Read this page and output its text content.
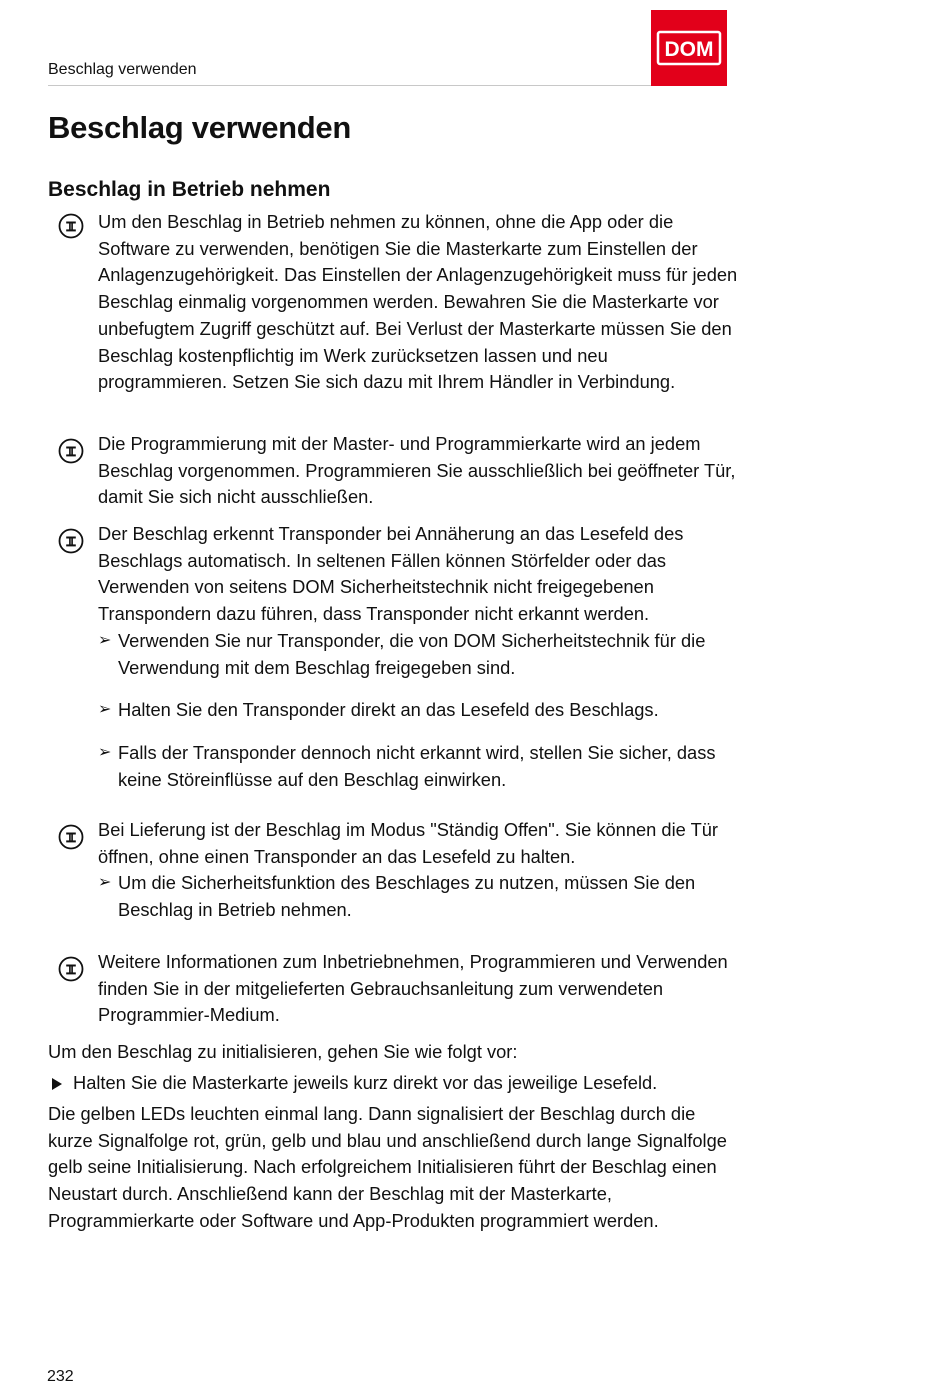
Beschlag verwenden
DOM
Beschlag verwenden
Beschlag in Betrieb nehmen

Um den Beschlag in Betrieb nehmen zu können, ohne die App oder die Software zu verwenden, benötigen Sie die Masterkarte zum Einstellen der Anlagenzugehörigkeit. Das Einstellen der Anlagenzugehörigkeit muss für jeden Beschlag einmalig vorgenommen werden. Bewahren Sie die Masterkarte vor unbefugtem Zugriff geschützt auf. Bei Verlust der Masterkarte müssen Sie den Beschlag kostenpflichtig im Werk zurücksetzen lassen und neu programmieren. Setzen Sie sich dazu mit Ihrem Händler in Verbindung.

Die Programmierung mit der Master- und Programmierkarte wird an jedem Beschlag vorgenommen. Programmieren Sie ausschließlich bei geöffneter Tür, damit Sie sich nicht ausschließen.

Der Beschlag erkennt Transponder bei Annäherung an das Lesefeld des Beschlags automatisch. In seltenen Fällen können Störfelder oder das Verwenden von seitens DOM Sicherheitstechnik nicht freigegebenen Transpondern dazu führen, dass Transponder nicht erkannt werden.

➢ Verwenden Sie nur Transponder, die von DOM Sicherheitstechnik für die Verwendung mit dem Beschlag freigegeben sind.
➢ Halten Sie den Transponder direkt an das Lesefeld des Beschlags.
➢ Falls der Transponder dennoch nicht erkannt wird, stellen Sie sicher, dass keine Störeinflüsse auf den Beschlag einwirken.

Bei Lieferung ist der Beschlag im Modus "Ständig Offen". Sie können die Tür öffnen, ohne einen Transponder an das Lesefeld zu halten.

➢ Um die Sicherheitsfunktion des Beschlages zu nutzen, müssen Sie den Beschlag in Betrieb nehmen.

Weitere Informationen zum Inbetriebnehmen, Programmieren und Verwenden finden Sie in der mitgelieferten Gebrauchsanleitung zum verwendeten Programmier-Medium.

Um den Beschlag zu initialisieren, gehen Sie wie folgt vor:

Halten Sie die Masterkarte jeweils kurz direkt vor das jeweilige Lesefeld.

Die gelben LEDs leuchten einmal lang. Dann signalisiert der Beschlag durch die kurze Signalfolge rot, grün, gelb und blau und anschließend durch lange Signalfolge gelb seine Initialisierung. Nach erfolgreichem Initialisieren führt der Beschlag einen Neustart durch. Anschließend kann der Beschlag mit der Masterkarte, Programmierkarte oder Software und App-Produkten programmiert werden.

232
